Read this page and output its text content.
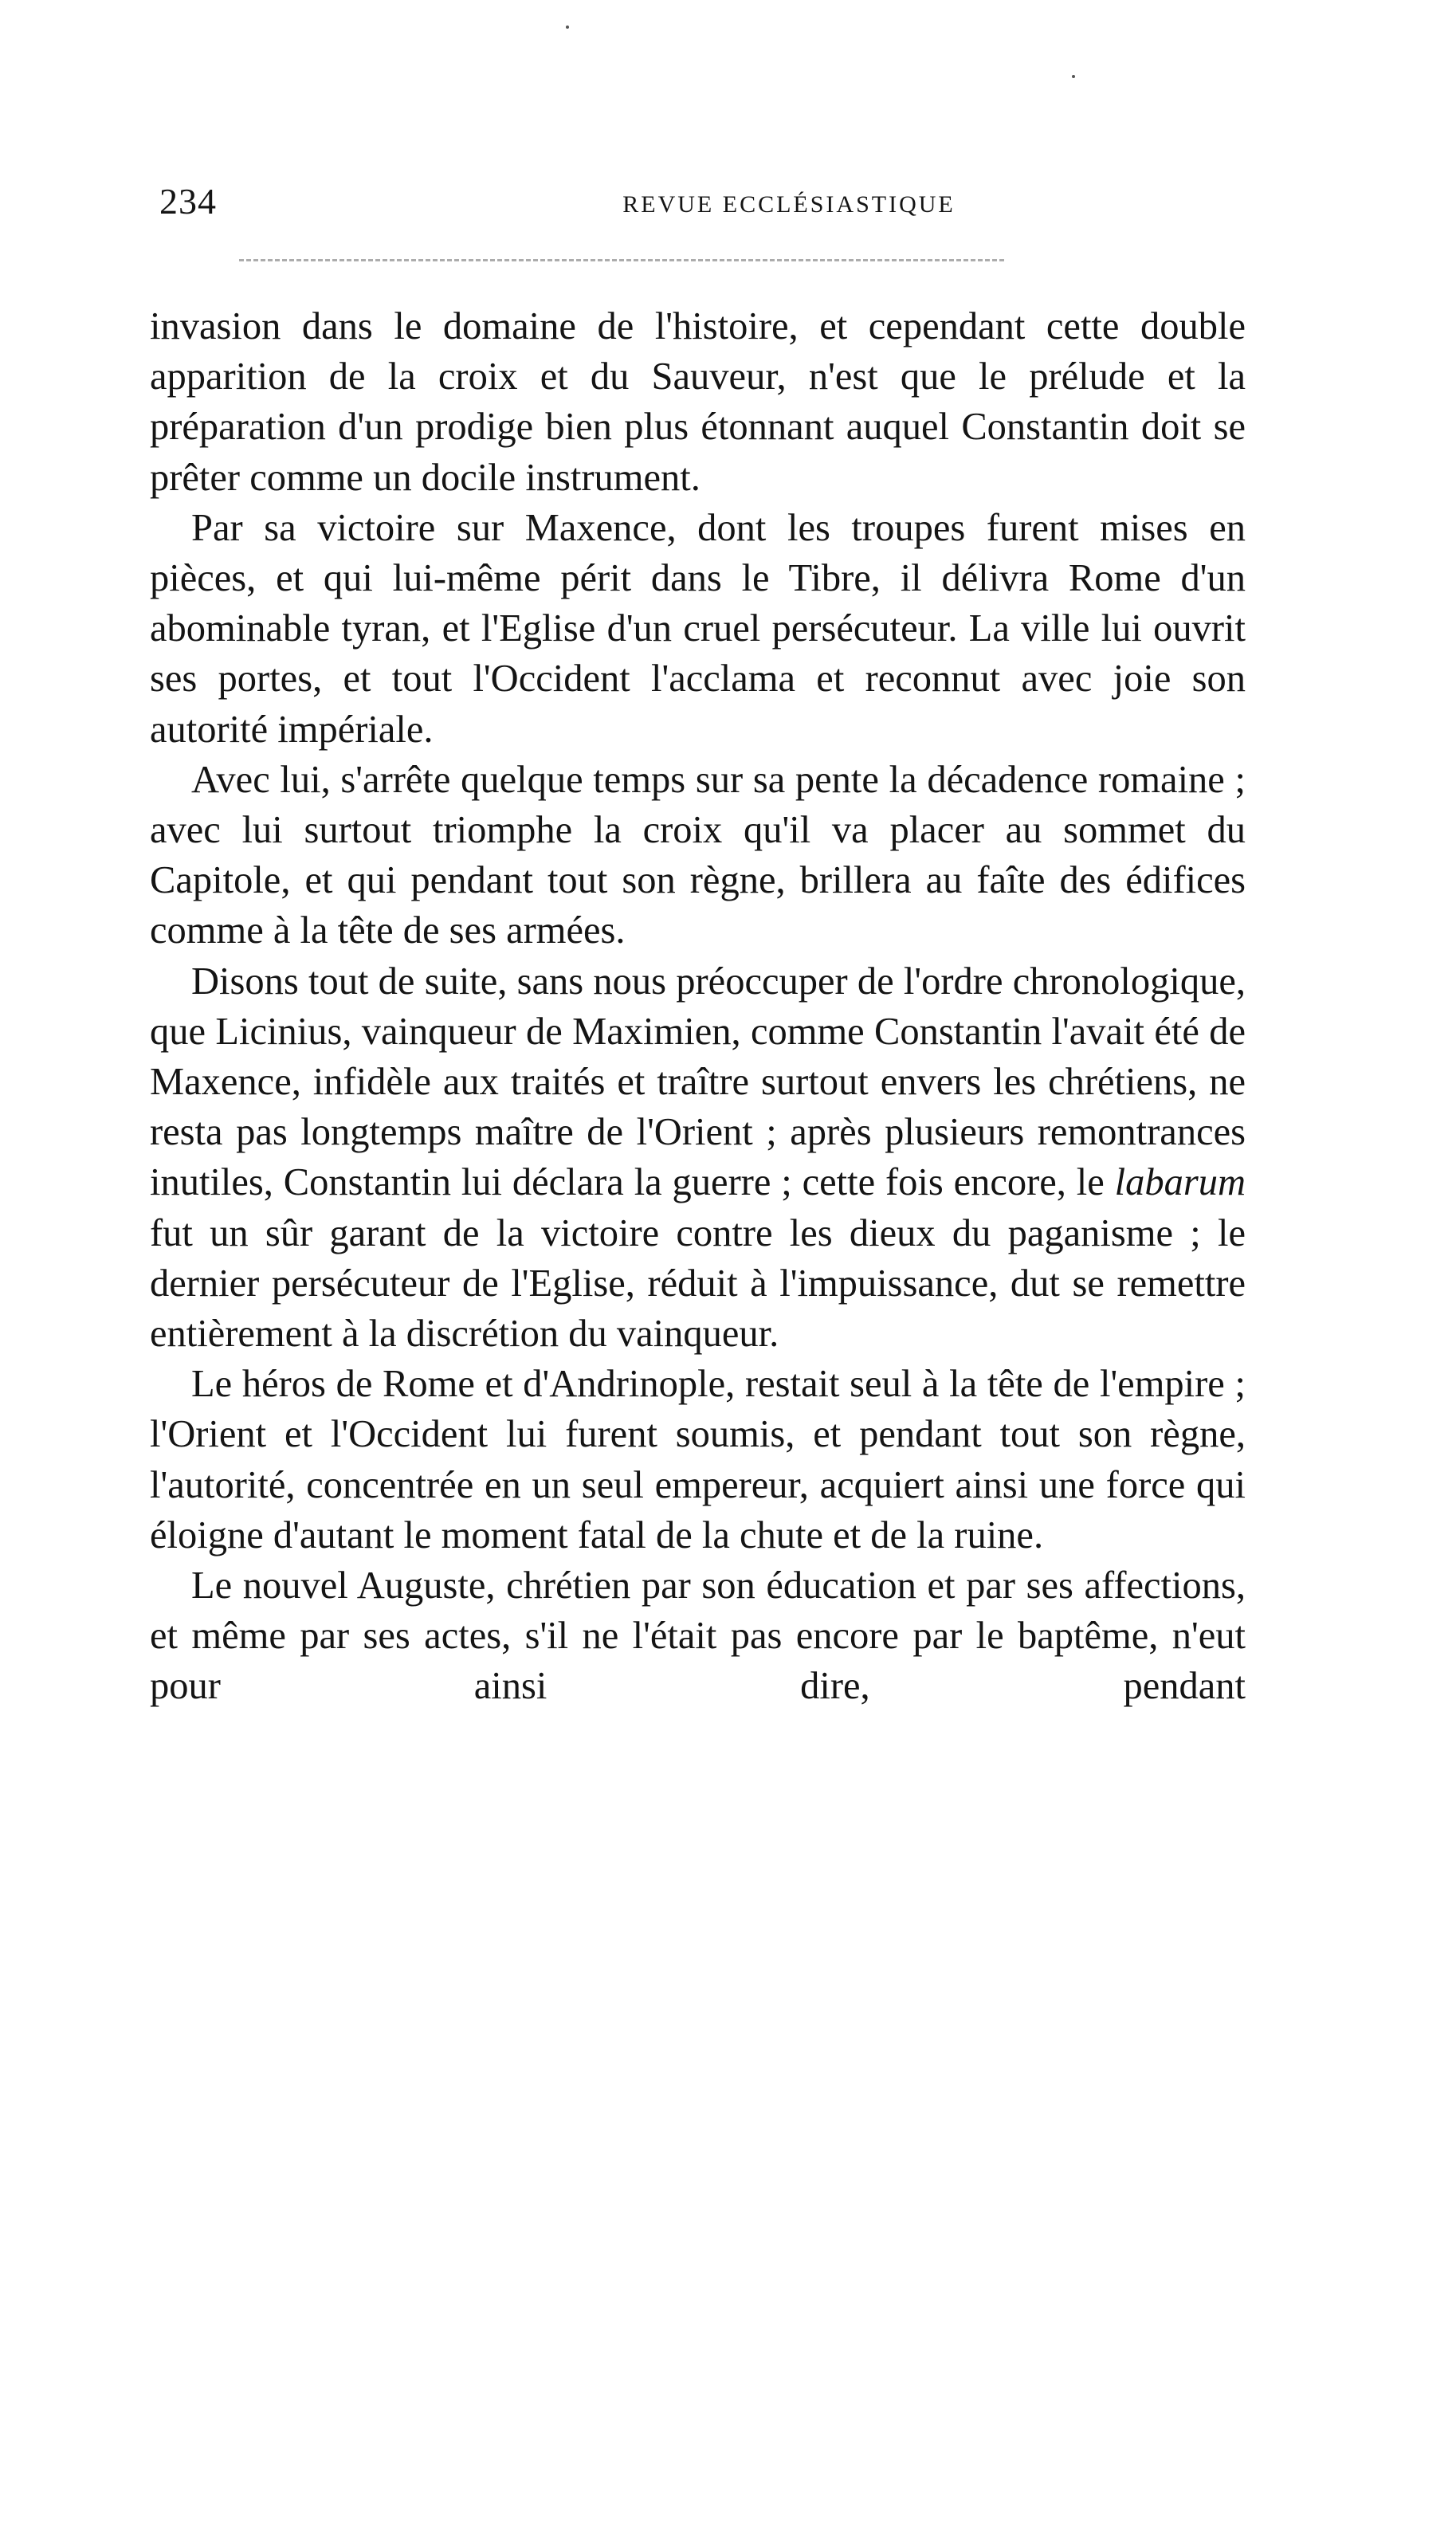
234	REVUE ECCLÉSIASTIQUE

invasion dans le domaine de l'histoire, et cependant cette double apparition de la croix et du Sauveur, n'est que le prélude et la préparation d'un prodige bien plus étonnant auquel Constantin doit se prêter comme un docile instrument.

Par sa victoire sur Maxence, dont les troupes furent mises en pièces, et qui lui-même périt dans le Tibre, il délivra Rome d'un abominable tyran, et l'Eglise d'un cruel persécuteur. La ville lui ouvrit ses portes, et tout l'Occident l'acclama et reconnut avec joie son autorité impériale.

Avec lui, s'arrête quelque temps sur sa pente la décadence romaine ; avec lui surtout triomphe la croix qu'il va placer au sommet du Capitole, et qui pendant tout son règne, brillera au faîte des édifices comme à la tête de ses armées.

Disons tout de suite, sans nous préoccuper de l'ordre chronologique, que Licinius, vainqueur de Maximien, comme Constantin l'avait été de Maxence, infidèle aux traités et traître surtout envers les chrétiens, ne resta pas longtemps maître de l'Orient ; après plusieurs remontrances inutiles, Constantin lui déclara la guerre ; cette fois encore, le labarum fut un sûr garant de la victoire contre les dieux du paganisme ; le dernier persécuteur de l'Eglise, réduit à l'impuissance, dut se remettre entièrement à la discrétion du vainqueur.

Le héros de Rome et d'Andrinople, restait seul à la tête de l'empire ; l'Orient et l'Occident lui furent soumis, et pendant tout son règne, l'autorité, concentrée en un seul empereur, acquiert ainsi une force qui éloigne d'autant le moment fatal de la chute et de la ruine.

Le nouvel Auguste, chrétien par son éducation et par ses affections, et même par ses actes, s'il ne l'était pas encore par le baptême, n'eut pour ainsi dire, pendant
